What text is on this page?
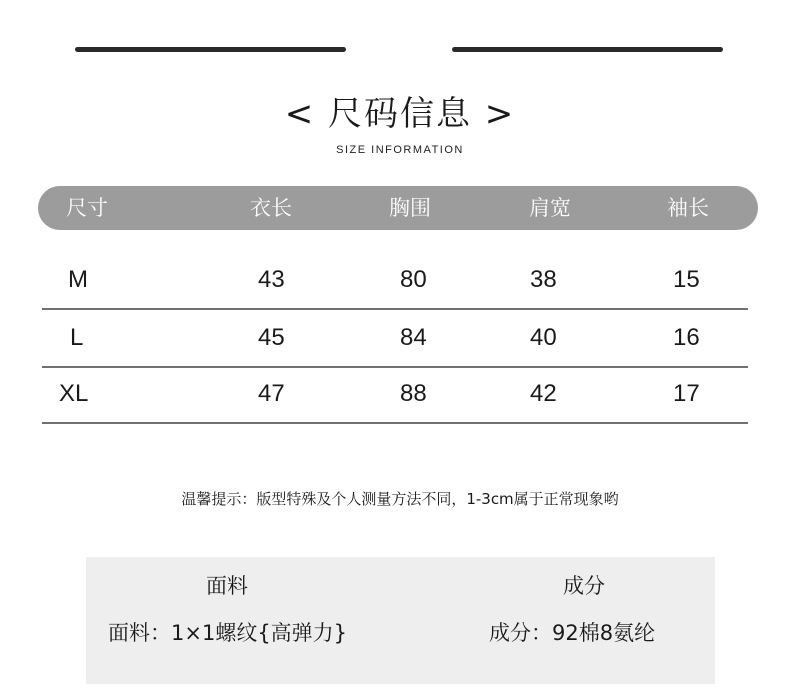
< 尺码信息 >
SIZE INFORMATION
尺寸	衣长	胸围	肩宽	袖长
M	43	80	38	15
L	45	84	40	16
XL	47	88	42	17
温馨提示：版型特殊及个人测量方法不同，1-3cm属于正常现象哟
面料	成分
面料：1×1螺纹{高弹力}	成分：92棉8氨纶
